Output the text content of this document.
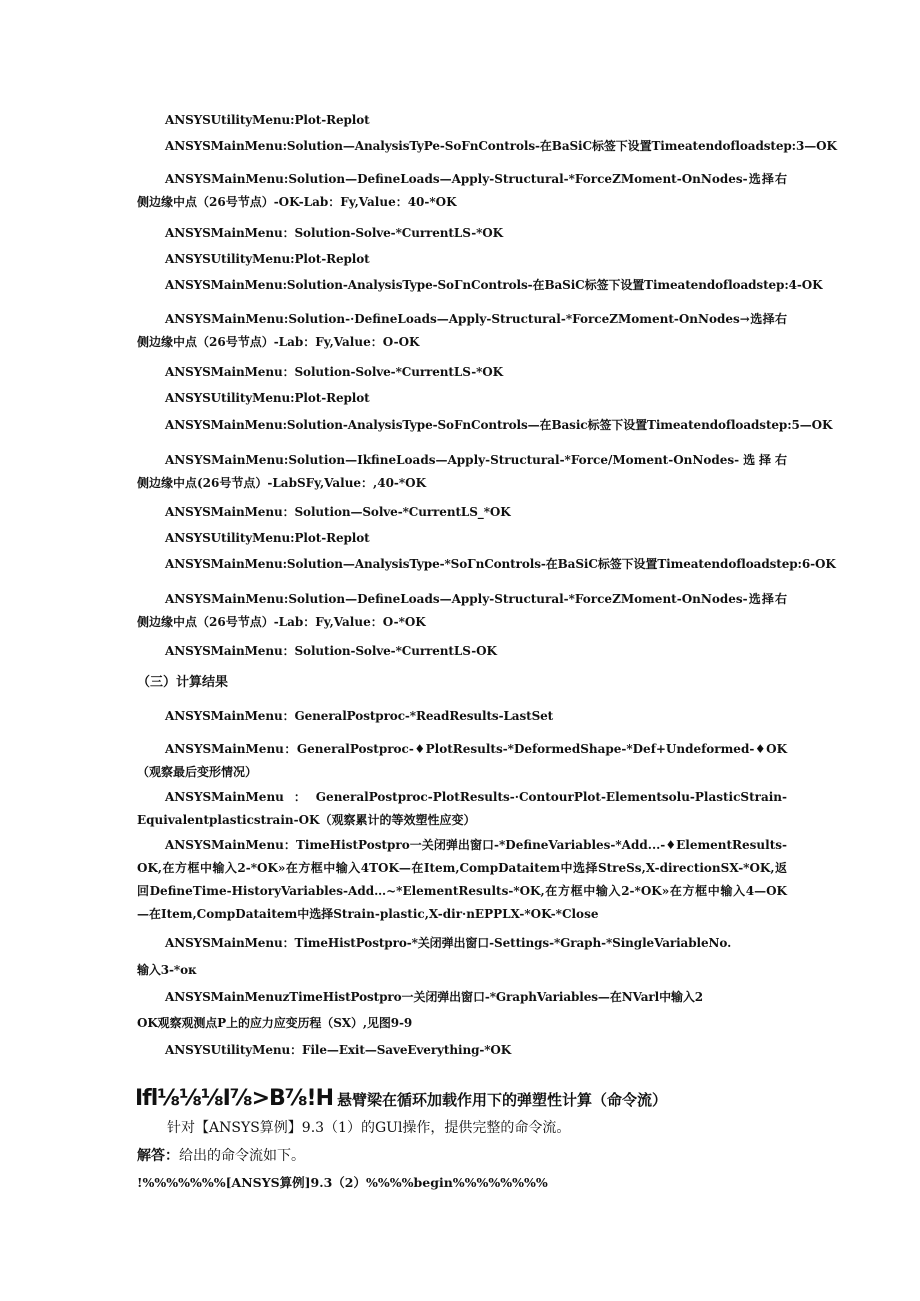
ANSYSUtilityMenu:Plot-Replot
ANSYSMainMenu:Solution—AnalysisTyPe-SoFnControls-在BaSiC标签下设置Timeatendofloadstep:3—OK
ANSYSMainMenu:Solution—DefineLoads—Apply-Structural-*ForceZMoment-OnNodes-选择右侧边缘中点（26号节点）-OK-Lab：Fy,Value：40-*OK
ANSYSMainMenu：Solution-Solve-*CurrentLS-*OK
ANSYSUtilityMenu:Plot-Replot
ANSYSMainMenu:Solution-AnalysisType-SoΓnControls-在BaSiC标签下设置Timeatendofloadstep:4-OK
ANSYSMainMenu:Solution-·DefineLoads—Apply-Structural-*ForceZMoment-OnNodes→选择右侧边缘中点（26号节点）-Lab：Fy,Value：O-OK
ANSYSMainMenu：Solution-Solve-*CurrentLS-*OK
ANSYSUtilityMenu:Plot-Replot
ANSYSMainMenu:Solution-AnalysisType-SoFnControls—在Basic标签下设置Timeatendofloadstep:5—OK
ANSYSMainMenu:Solution—IkfineLoads—Apply-Structural-*Force/Moment-OnNodes-选择右侧边缘中点(26号节点）-LabSFy,Value：,40-*OK
ANSYSMainMenu：Solution—Solve-*CurrentLS_*OK
ANSYSUtilityMenu:Plot-Replot
ANSYSMainMenu:Solution—AnalysisType-*SoΓnControls-在BaSiC标签下设置Timeatendofloadstep:6-OK
ANSYSMainMenu:Solution—DefineLoads—Apply-Structural-*ForceZMoment-OnNodes-选择右侧边缘中点（26号节点）-Lab：Fy,Value：O-*OK
ANSYSMainMenu：Solution-Solve-*CurrentLS-OK
（三）计算结果
ANSYSMainMenu：GeneralPostproc-*ReadResults-LastSet
ANSYSMainMenu：GeneralPostproc-♦PlotResults-*DeformedShape-*Def+Undeformed-♦OK（观察最后变形情况）
ANSYSMainMenu：GeneralPostproc-PlotResults-·ContourPlot-Elementsolu-PlasticStrain-Equivalentplasticstrain-OK（观察累计的等效塑性应变）
ANSYSMainMenu：TimeHistPostpro一关闭弹出窗口-*DefineVariables-*Add...-♦ElementResults-OK,在方框中输入2-*OK»在方框中输入4TOK—在Item,CompDataitem中选择StreSs,X-directionSX-*OK,返回DefineTime-HistoryVariables-Add…~*ElementResults-*OK,在方框中输入2-*OK»在方框中输入4—OK—在Item,CompDataitem中选择Strain-plastic,X-dir·nEPPLX-*OK-*Close
ANSYSMainMenu：TimeHistPostpro-*关闭弹出窗口-Settings-*Graph-*SingleVariableNo.
输入3-*oκ
ANSYSMainMenuzTimeHistPostpro一关闭弹出窗口-*GraphVariables—在NVarl中输入2
OK观察观测点P上的应力应变历程（SX）,见图9-9
ANSYSUtilityMenu：File—Exit—SaveEverything-*OK
Ifl⅛⅛⅛I⅞>B⅞!H 悬臂梁在循环加载作用下的弹塑性计算（命令流）
针对【ANSYS算例】9.3（1）的GUl操作，提供完整的命令流。
解答：给出的命令流如下。
!%%%%%%%[ANSYS算例]9.3（2）%%%%begin%%%%%%%%
